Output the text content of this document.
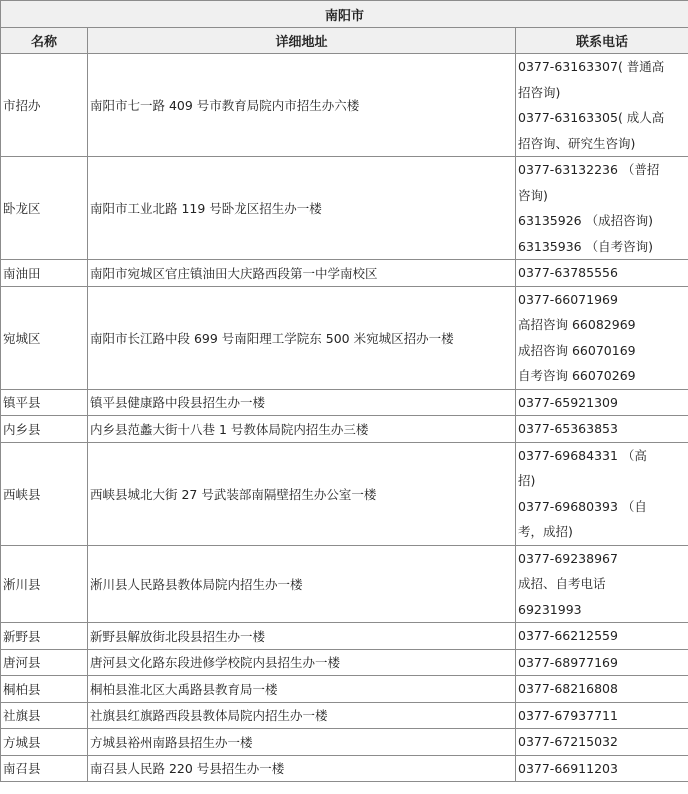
南阳市		
名称	详细地址	联系电话
市招办	南阳市七一路 409 号市教育局院内市招生办六楼	0377-63163307( 普通高
招咨询)
0377-63163305( 成人高
招咨询、研究生咨询)

卧龙区	南阳市工业北路 119 号卧龙区招生办一楼	0377-63132236 （普招
咨询)
63135926 （成招咨询)
63135936 （自考咨询)

南油田	南阳市宛城区官庄镇油田大庆路西段第一中学南校区	0377-63785556

宛城区	南阳市长江路中段 699 号南阳理工学院东 500 米宛城区招办一楼	0377-66071969
高招咨询 66082969
成招咨询 66070169
自考咨询 66070269

镇平县	镇平县健康路中段县招生办一楼	0377-65921309

内乡县	内乡县范蠡大街十八巷 1 号教体局院内招生办三楼	0377-65363853

西峡县	西峡县城北大街 27 号武装部南隔壁招生办公室一楼	0377-69684331 （高
招)
0377-69680393 （自
考，成招)

淅川县	淅川县人民路县教体局院内招生办一楼	0377-69238967
成招、自考电话
69231993

新野县	新野县解放街北段县招生办一楼	0377-66212559

唐河县	唐河县文化路东段进修学校院内县招生办一楼	0377-68977169

桐柏县	桐柏县淮北区大禹路县教育局一楼	0377-68216808

社旗县	社旗县红旗路西段县教体局院内招生办一楼	0377-67937711

方城县	方城县裕州南路县招生办一楼	0377-67215032

南召县	南召县人民路 220 号县招生办一楼	0377-66911203
